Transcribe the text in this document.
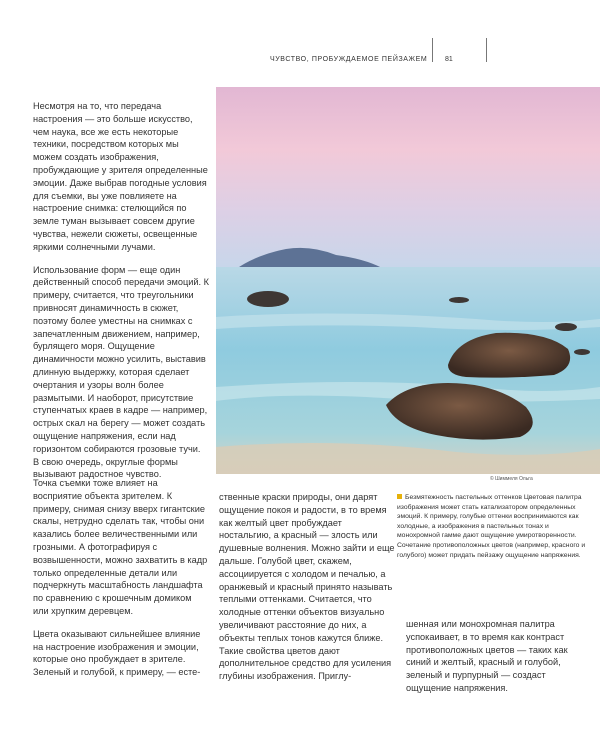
ЧУВСТВО, ПРОБУЖДАЕМОЕ ПЕЙЗАЖЕМ	81
© Шиммеля Ольга

Несмотря на то, что передача настроения — это больше искусство, чем наука, все же есть некоторые техники, посредством которых мы можем создать изображения, пробуждающие у зрителя определенные эмоции. Даже выбрав погодные условия для съемки, вы уже повлияете на настроение снимка: стелющийся по земле туман вызывает совсем другие чувства, нежели сюжеты, освещенные яркими солнечными лучами.

Использование форм — еще один действенный способ передачи эмоций. К примеру, считается, что треугольники привносят динамичность в сюжет, поэтому более уместны на снимках с запечатленным движением, например, бурлящего моря. Ощущение динамичности можно усилить, выставив длинную выдержку, которая сделает очертания и узоры волн более размытыми. И наоборот, присутствие ступенчатых краев в кадре — например, острых скал на берегу — может создать ощущение напряжения, если над горизонтом собираются грозовые тучи. В свою очередь, округлые формы вызывают радостное чувство.

Точка съемки тоже влияет на восприятие объекта зрителем. К примеру, снимая снизу вверх гигантские скалы, нетрудно сделать так, чтобы они казались более величественными или грозными. А фотографируя с возвышенности, можно захватить в кадр только определенные детали или подчеркнуть масштабность ландшафта по сравнению с крошечным домиком или хрупким деревцем.

Цвета оказывают сильнейшее влияние на настроение изображения и эмоции, которые оно пробуждает в зрителе. Зеленый и голубой, к примеру, — есте-

ственные краски природы, они дарят ощущение покоя и радости, в то время как желтый цвет пробуждает ностальгию, а красный — злость или душевные волнения. Можно зайти и еще дальше. Голубой цвет, скажем, ассоциируется с холодом и печалью, а оранжевый и красный принято называть теплыми оттенками. Считается, что холодные оттенки объектов визуально увеличивают расстояние до них, а объекты теплых тонов кажутся ближе. Такие свойства цветов дают дополнительное средство для усиления глубины изображения. Приглу-

Безмятежность пастельных оттенков Цветовая палитра изображения может стать катализатором определенных эмоций. К примеру, голубые оттенки воспринимаются как холодные, а изображения в пастельных тонах и монохромной гамме дают ощущение умиротворенности. Сочетание противоположных цветов (например, красного и голубого) может придать пейзажу ощущение напряжения.

шенная или монохромная палитра успокаивает, в то время как контраст противоположных цветов — таких как синий и желтый, красный и голубой, зеленый и пурпурный — создаст ощущение напряжения.
